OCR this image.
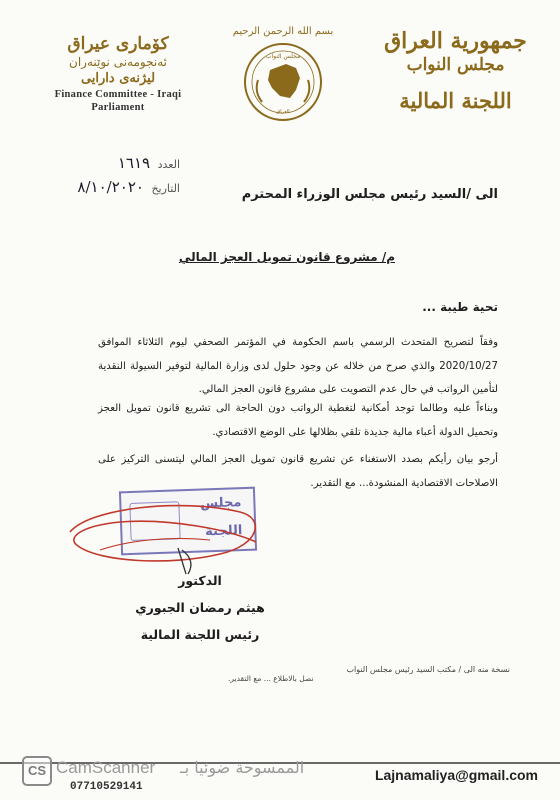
جمهورية العراق
مجلس النواب
اللجنة المالية
بسم الله الرحمن الرحيم
مجلس النواب
العراق
كۆمارى عيراق
ئەنجومەنى نوێنەران
ليژنەى دارايى
Finance Committee - Iraqi
Parliament
العدد ١٦١٩
التاريخ ٨/١٠/٢٠٢٠	الى /السيد رئيس مجلس الوزراء المحترم
م/ مشروع قانون تمويل العجز المالي
تحية طيبة ...
وفقاً لتصريح المتحدث الرسمي باسم الحكومة في المؤتمر الصحفي ليوم الثلاثاء الموافق 2020/10/27 والذي صرح من خلاله عن وجود حلول لدى وزارة المالية لتوفير السيولة النقدية لتأمين الرواتب في حال عدم التصويت على مشروع قانون العجز المالي.
وبناءاً عليه وطالما توجد أمكانية لتغطية الرواتب دون الحاجة الى تشريع قانون تمويل العجز وتحميل الدولة أعباء مالية جديدة تلقي بظلالها على الوضع الاقتصادي.
أرجو بيان رأيكم بصدد الاستغناء عن تشريع قانون تمويل العجز المالي ليتسنى التركيز على الاصلاحات الاقتصادية المنشودة... مع التقدير.
مجلس
اللجنة
الدكتور
هيثم رمضان الجبوري
رئيس اللجنة المالية
نسخة منه الى / مكتب السيد رئيس مجلس النواب
نصل بالاطلاع ... مع التقدير.
CS CamScanner الممسوحة ضوئيا بـ	Lajnamaliya@gmail.com
07710529141
